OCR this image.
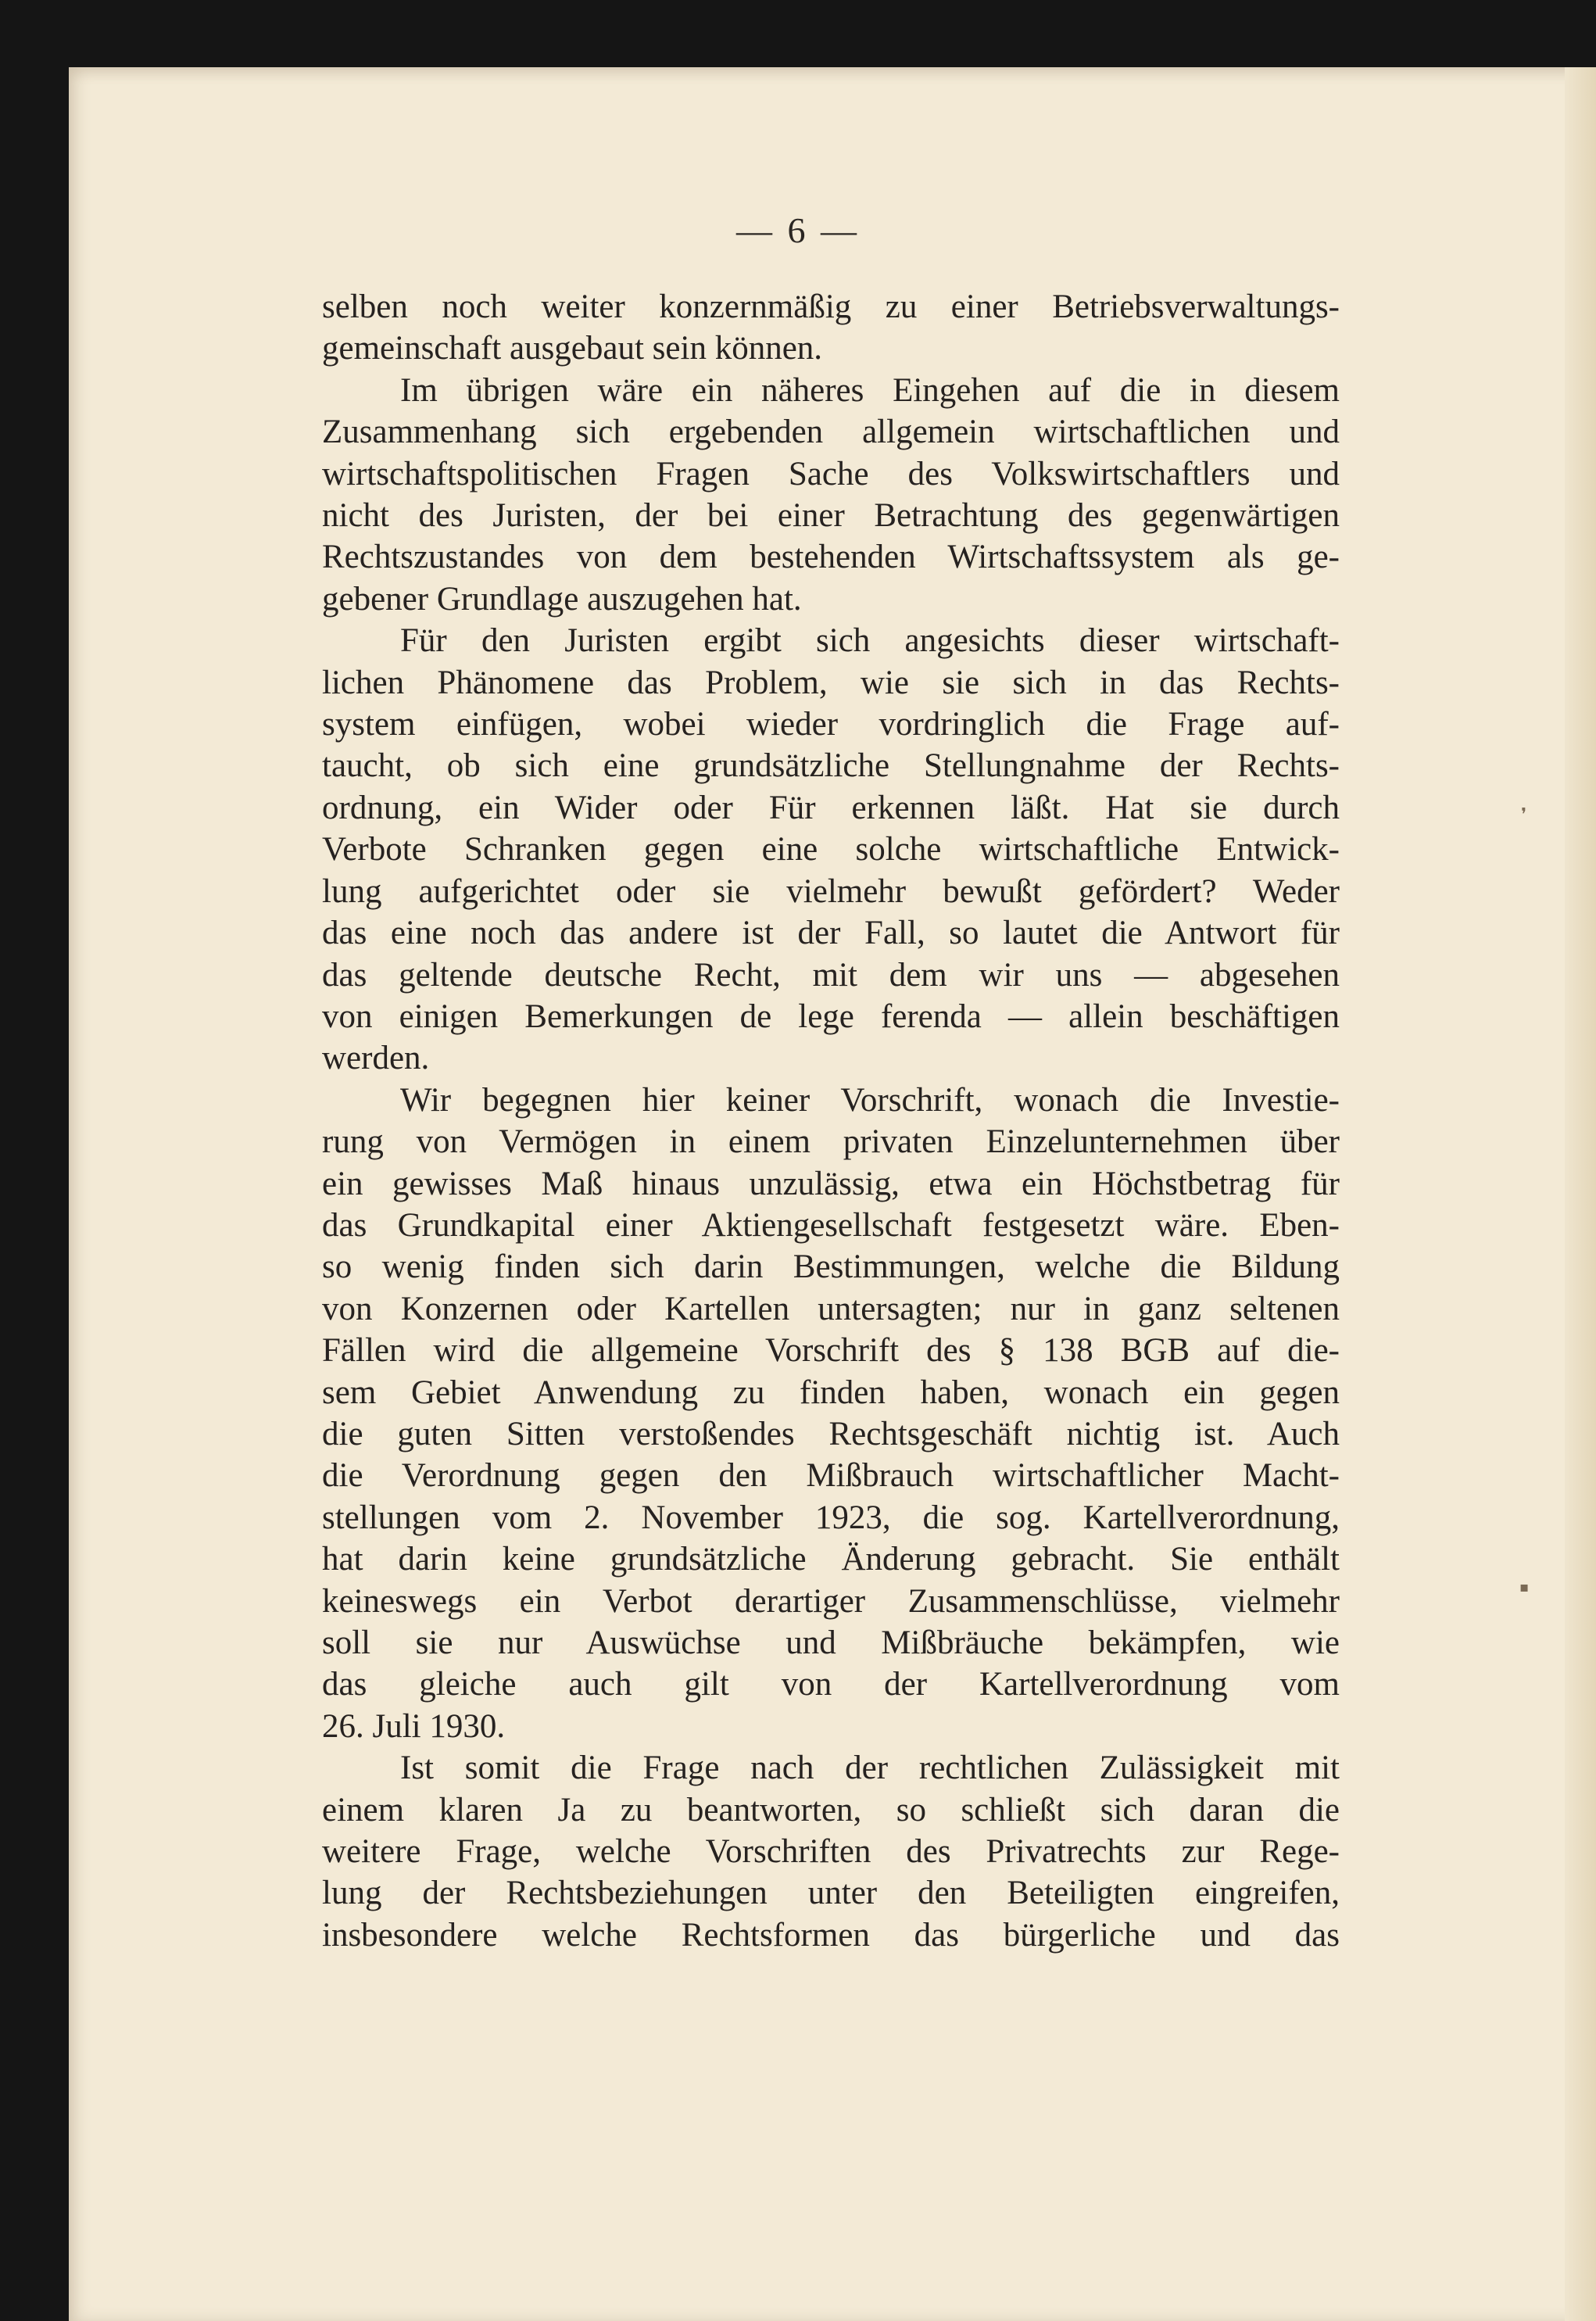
— 6 —
selben noch weiter konzernmäßig zu einer Betriebsverwaltungs-
gemeinschaft ausgebaut sein können.
Im übrigen wäre ein näheres Eingehen auf die in diesem
Zusammenhang sich ergebenden allgemein wirtschaftlichen und
wirtschaftspolitischen Fragen Sache des Volkswirtschaftlers und
nicht des Juristen, der bei einer Betrachtung des gegenwärtigen
Rechtszustandes von dem bestehenden Wirtschaftssystem als ge-
gebener Grundlage auszugehen hat.
Für den Juristen ergibt sich angesichts dieser wirtschaft-
lichen Phänomene das Problem, wie sie sich in das Rechts-
system einfügen, wobei wieder vordringlich die Frage auf-
taucht, ob sich eine grundsätzliche Stellungnahme der Rechts-
ordnung, ein Wider oder Für erkennen läßt. Hat sie durch
Verbote Schranken gegen eine solche wirtschaftliche Entwick-
lung aufgerichtet oder sie vielmehr bewußt gefördert? Weder
das eine noch das andere ist der Fall, so lautet die Antwort für
das geltende deutsche Recht, mit dem wir uns — abgesehen
von einigen Bemerkungen de lege ferenda — allein beschäftigen
werden.
Wir begegnen hier keiner Vorschrift, wonach die Investie-
rung von Vermögen in einem privaten Einzelunternehmen über
ein gewisses Maß hinaus unzulässig, etwa ein Höchstbetrag für
das Grundkapital einer Aktiengesellschaft festgesetzt wäre. Eben-
so wenig finden sich darin Bestimmungen, welche die Bildung
von Konzernen oder Kartellen untersagten; nur in ganz seltenen
Fällen wird die allgemeine Vorschrift des § 138 BGB auf die-
sem Gebiet Anwendung zu finden haben, wonach ein gegen
die guten Sitten verstoßendes Rechtsgeschäft nichtig ist. Auch
die Verordnung gegen den Mißbrauch wirtschaftlicher Macht-
stellungen vom 2. November 1923, die sog. Kartellverordnung,
hat darin keine grundsätzliche Änderung gebracht. Sie enthält
keineswegs ein Verbot derartiger Zusammenschlüsse, vielmehr
soll sie nur Auswüchse und Mißbräuche bekämpfen, wie
das gleiche auch gilt von der Kartellverordnung vom
26. Juli 1930.
Ist somit die Frage nach der rechtlichen Zulässigkeit mit
einem klaren Ja zu beantworten, so schließt sich daran die
weitere Frage, welche Vorschriften des Privatrechts zur Rege-
lung der Rechtsbeziehungen unter den Beteiligten eingreifen,
insbesondere welche Rechtsformen das bürgerliche und das
❜
▪
